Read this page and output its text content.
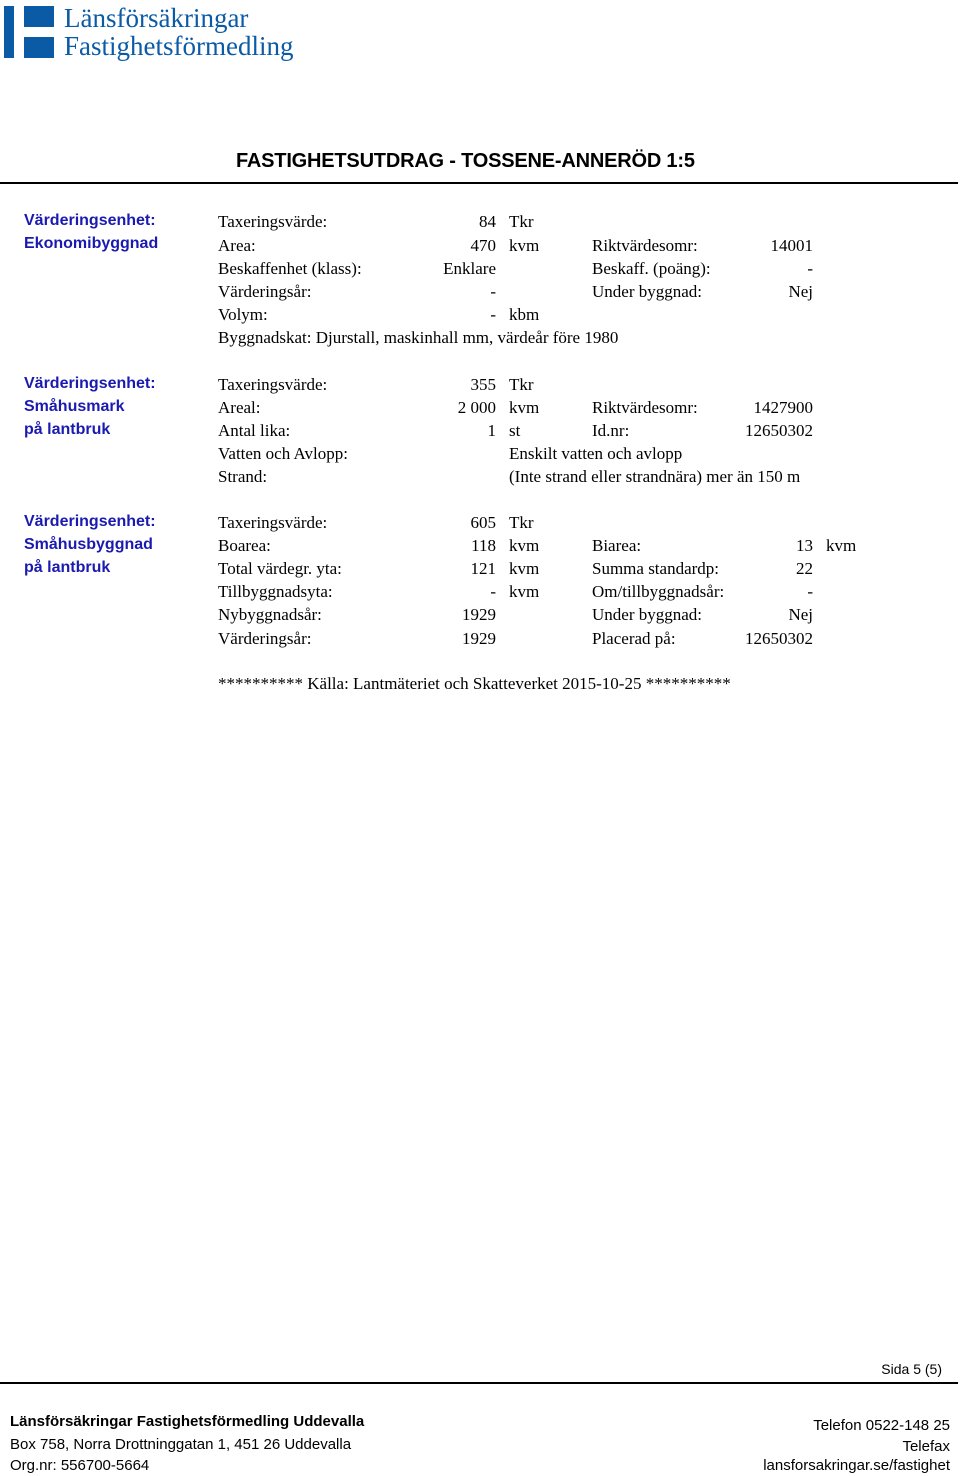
Länsförsäkringar
Fastighetsförmedling
FASTIGHETSUTDRAG - TOSSENE-ANNERÖD 1:5
Värderingsenhet:
Ekonomibyggnad
Taxeringsvärde:	84 Tkr
Area:	470 kvm	Riktvärdesomr:	14001
Beskaffenhet (klass):	Enklare	Beskaff. (poäng):	-
Värderingsår:	-	Under byggnad:	Nej
Volym:	- kbm
Byggnadskat: Djurstall, maskinhall mm, värdeår före 1980
Värderingsenhet:
Småhusmark
på lantbruk
Taxeringsvärde:	355 Tkr
Areal:	2 000 kvm	Riktvärdesomr:	1427900
Antal lika:	1 st	Id.nr:	12650302
Vatten och Avlopp:	Enskilt vatten och avlopp
Strand:	(Inte strand eller strandnära) mer än 150 m
Värderingsenhet:
Småhusbyggnad
på lantbruk
Taxeringsvärde:	605 Tkr
Boarea:	118 kvm	Biarea:	13 kvm
Total värdegr. yta:	121 kvm	Summa standardp:	22
Tillbyggnadsyta:	- kvm	Om/tillbyggnadsår:	-
Nybyggnadsår:	1929	Under byggnad:	Nej
Värderingsår:	1929	Placerad på:	12650302
********** Källa: Lantmäteriet och Skatteverket 2015-10-25 **********
Sida 5 (5)
Länsförsäkringar Fastighetsförmedling Uddevalla
Box 758, Norra Drottninggatan 1, 451 26 Uddevalla
Org.nr: 556700-5664
Telefon 0522-148 25
Telefax
lansforsakringar.se/fastighet
